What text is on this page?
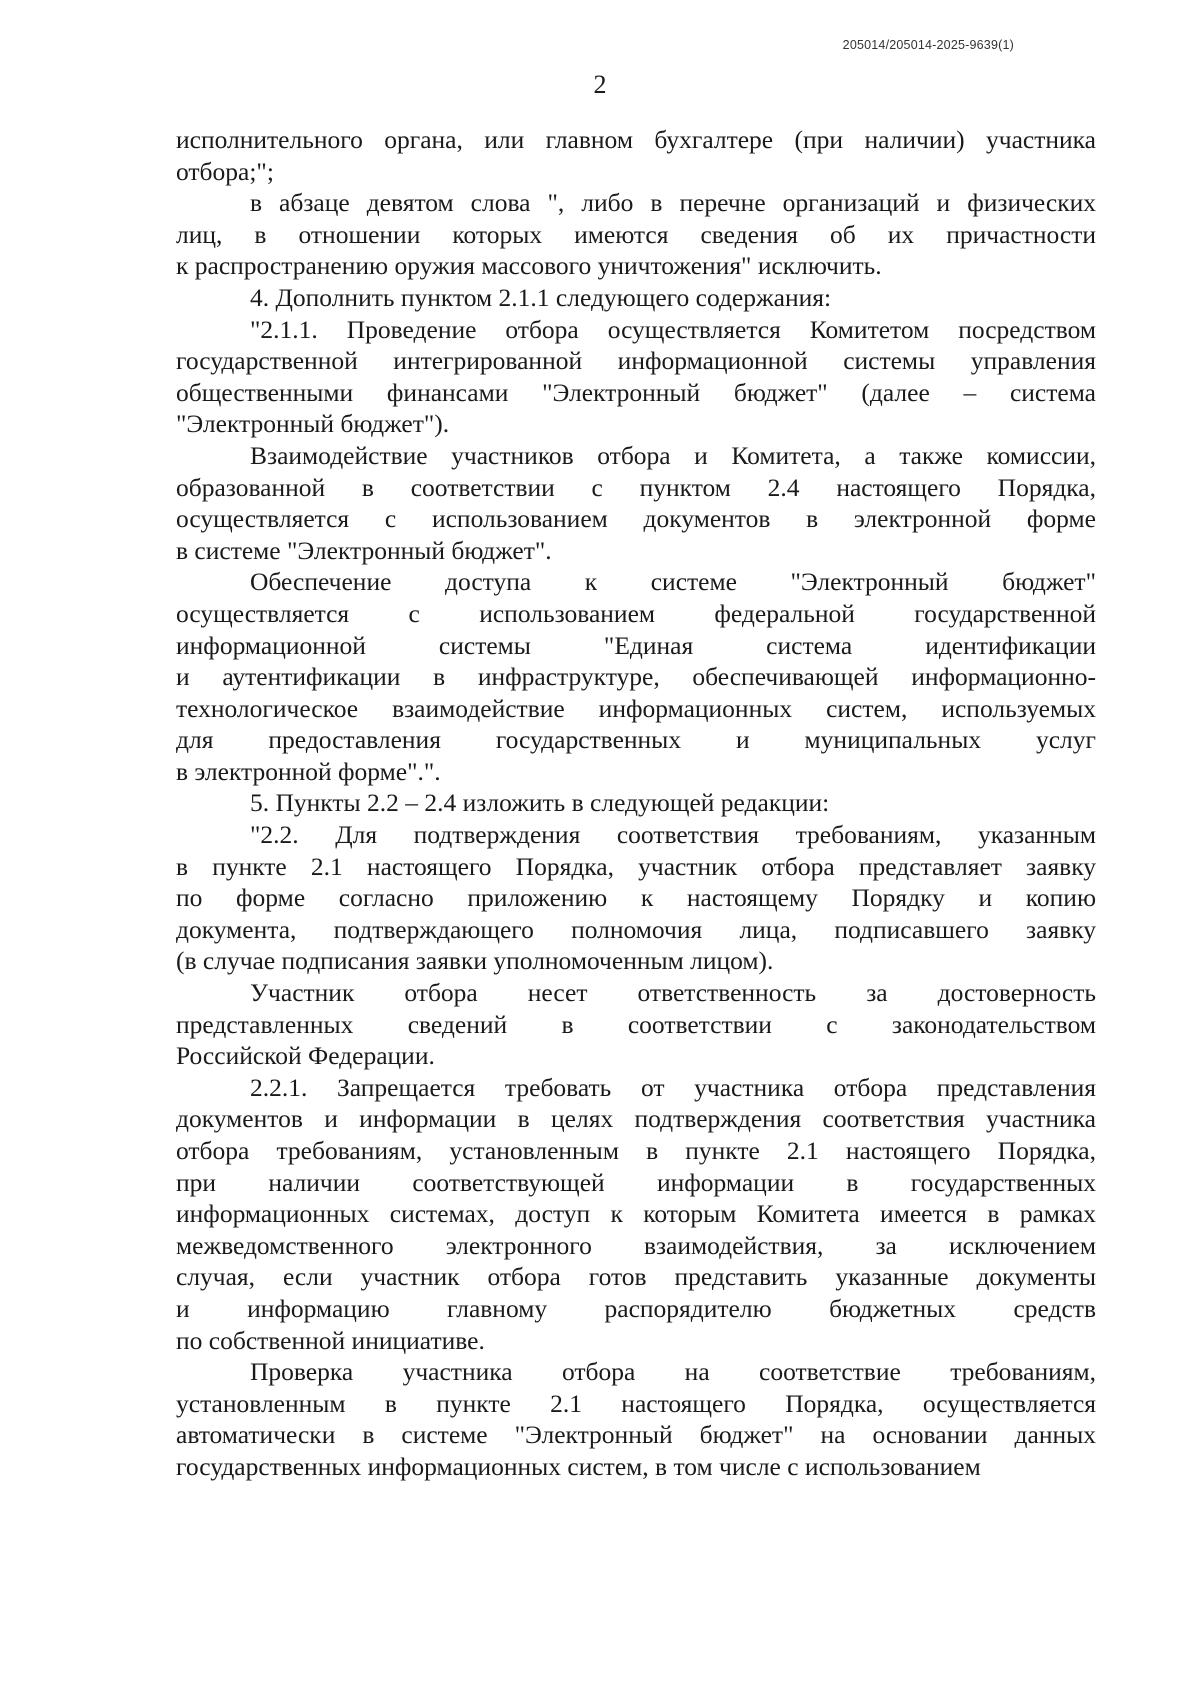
205014/205014-2025-9639(1)
2
исполнительного органа, или главном бухгалтере (при наличии) участника
отбора;";
в абзаце девятом слова ", либо в перечне организаций и физических
лиц, в отношении которых имеются сведения об их причастности
к распространению оружия массового уничтожения" исключить.
4. Дополнить пунктом 2.1.1 следующего содержания:
"2.1.1. Проведение отбора осуществляется Комитетом посредством
государственной интегрированной информационной системы управления
общественными финансами "Электронный бюджет" (далее – система
"Электронный бюджет").
Взаимодействие участников отбора и Комитета, а также комиссии,
образованной в соответствии с пунктом 2.4 настоящего Порядка,
осуществляется с использованием документов в электронной форме
в системе "Электронный бюджет".
Обеспечение доступа к системе "Электронный бюджет"
осуществляется с использованием федеральной государственной
информационной системы "Единая система идентификации
и аутентификации в инфраструктуре, обеспечивающей информационно-
технологическое взаимодействие информационных систем, используемых
для предоставления государственных и муниципальных услуг
в электронной форме".".
5. Пункты 2.2 – 2.4 изложить в следующей редакции:
"2.2. Для подтверждения соответствия требованиям, указанным
в пункте 2.1 настоящего Порядка, участник отбора представляет заявку
по форме согласно приложению к настоящему Порядку и копию
документа, подтверждающего полномочия лица, подписавшего заявку
(в случае подписания заявки уполномоченным лицом).
Участник отбора несет ответственность за достоверность
представленных сведений в соответствии с законодательством
Российской Федерации.
2.2.1. Запрещается требовать от участника отбора представления
документов и информации в целях подтверждения соответствия участника
отбора требованиям, установленным в пункте 2.1 настоящего Порядка,
при наличии соответствующей информации в государственных
информационных системах, доступ к которым Комитета имеется в рамках
межведомственного электронного взаимодействия, за исключением
случая, если участник отбора готов представить указанные документы
и информацию главному распорядителю бюджетных средств
по собственной инициативе.
Проверка участника отбора на соответствие требованиям,
установленным в пункте 2.1 настоящего Порядка, осуществляется
автоматически в системе "Электронный бюджет" на основании данных
государственных информационных систем, в том числе с использованием
